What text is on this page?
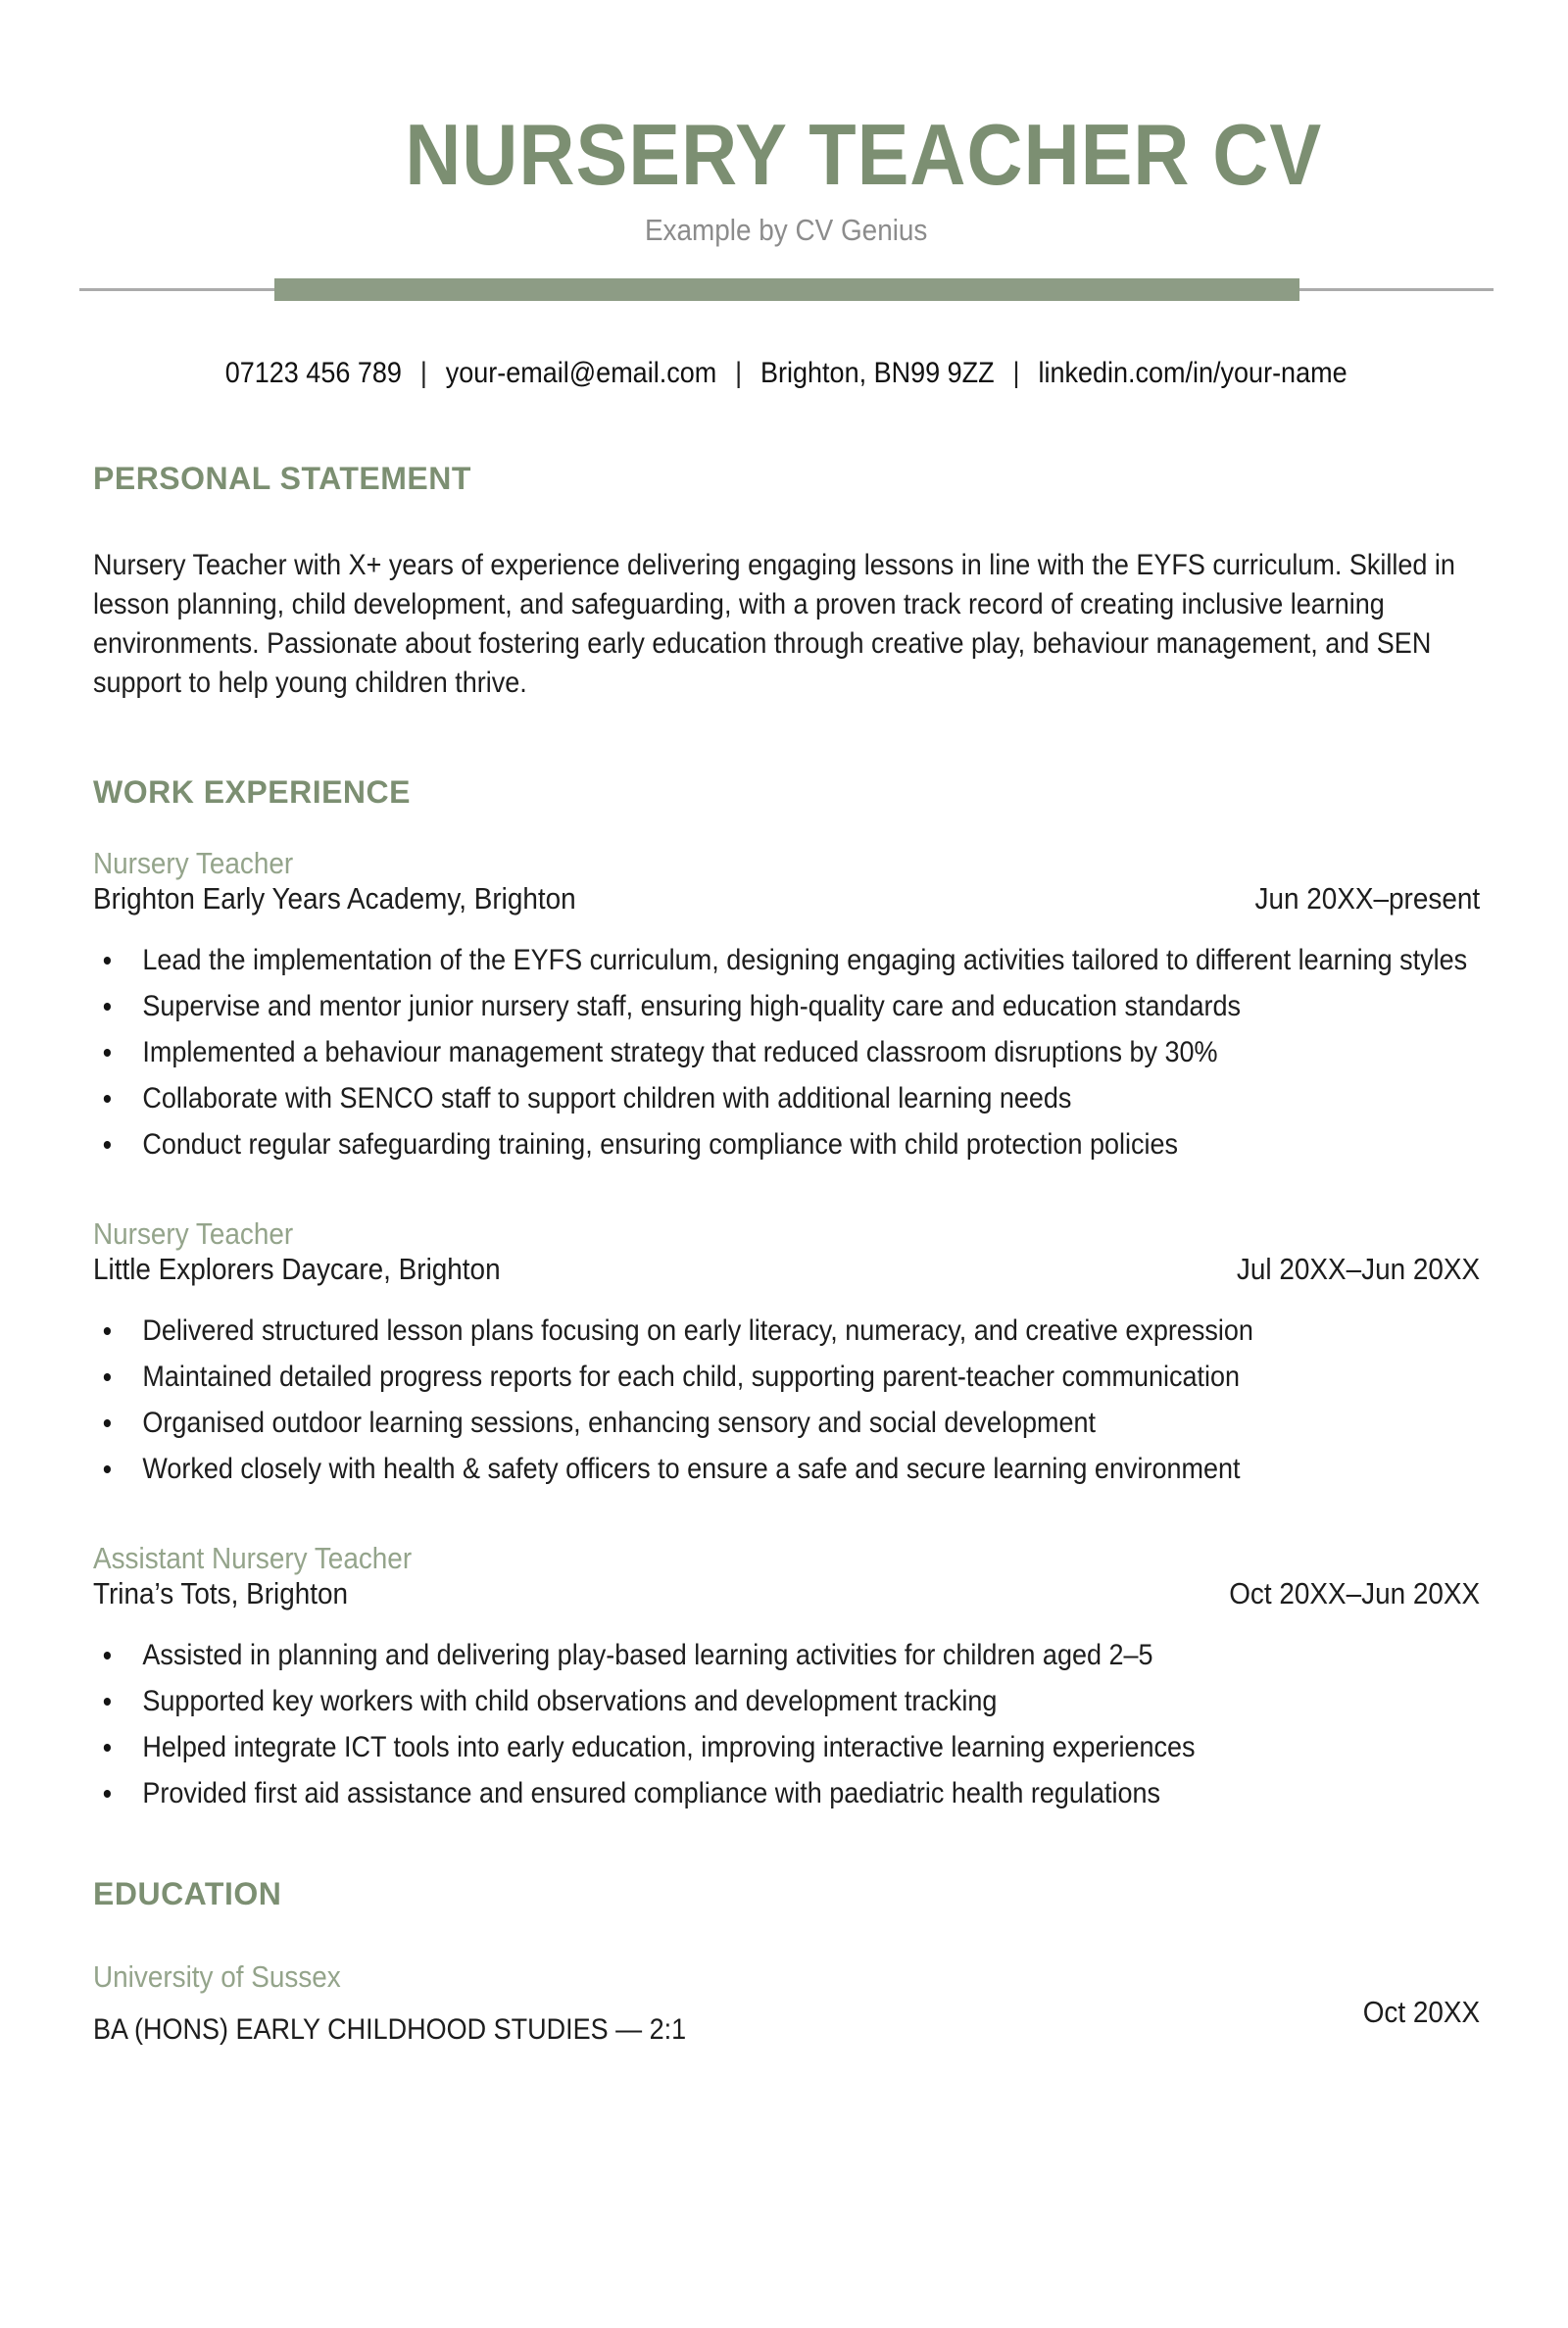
NURSERY TEACHER CV
Example by CV Genius
07123 456 789 | your-email@email.com | Brighton, BN99 9ZZ | linkedin.com/in/your-name
PERSONAL STATEMENT

Nursery Teacher with X+ years of experience delivering engaging lessons in line with the EYFS curriculum. Skilled in lesson planning, child development, and safeguarding, with a proven track record of creating inclusive learning environments. Passionate about fostering early education through creative play, behaviour management, and SEN support to help young children thrive.

WORK EXPERIENCE
Nursery Teacher
Brighton Early Years Academy, Brighton	Jun 20XX–present
Lead the implementation of the EYFS curriculum, designing engaging activities tailored to different learning styles
Supervise and mentor junior nursery staff, ensuring high-quality care and education standards
Implemented a behaviour management strategy that reduced classroom disruptions by 30%
Collaborate with SENCO staff to support children with additional learning needs
Conduct regular safeguarding training, ensuring compliance with child protection policies
Nursery Teacher
Little Explorers Daycare, Brighton	Jul 20XX–Jun 20XX
Delivered structured lesson plans focusing on early literacy, numeracy, and creative expression
Maintained detailed progress reports for each child, supporting parent-teacher communication
Organised outdoor learning sessions, enhancing sensory and social development
Worked closely with health & safety officers to ensure a safe and secure learning environment
Assistant Nursery Teacher
Trina’s Tots, Brighton	Oct 20XX–Jun 20XX
Assisted in planning and delivering play-based learning activities for children aged 2–5
Supported key workers with child observations and development tracking
Helped integrate ICT tools into early education, improving interactive learning experiences
Provided first aid assistance and ensured compliance with paediatric health regulations
EDUCATION
University of Sussex
BA (HONS) EARLY CHILDHOOD STUDIES — 2:1
Oct 20XX
